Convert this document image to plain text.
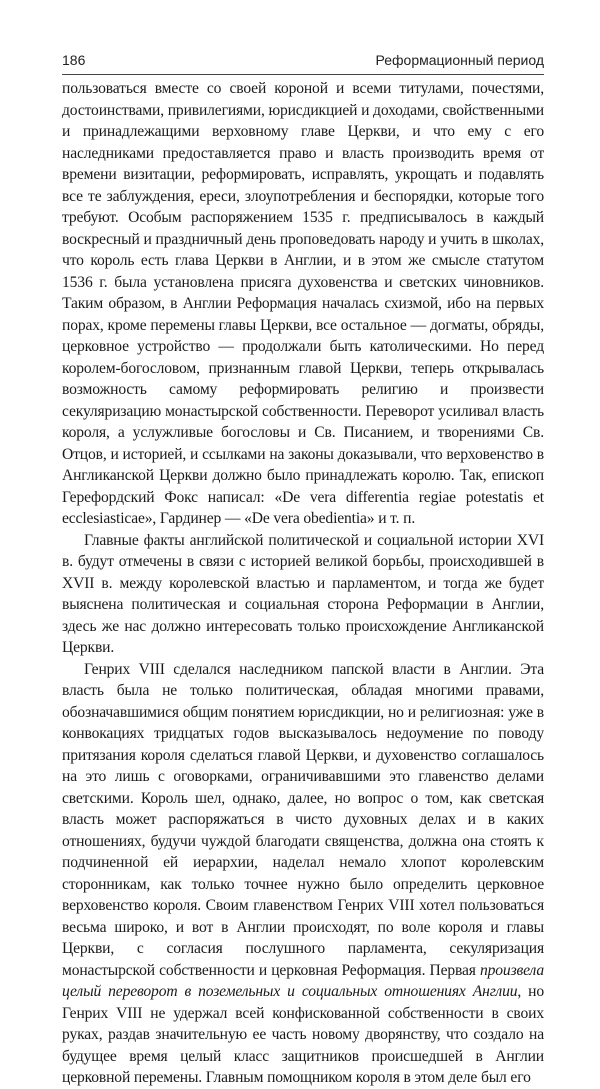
186	Реформационный период

пользоваться вместе со своей короной и всеми титулами, почестями, достоинствами, привилегиями, юрисдикцией и доходами, свойственными и принадлежащими верховному главе Церкви, и что ему с его наследниками предоставляется право и власть производить время от времени визитации, реформировать, исправлять, укрощать и подавлять все те заблуждения, ереси, злоупотребления и беспорядки, которые того требуют. Особым распоряжением 1535 г. предписывалось в каждый воскресный и праздничный день проповедовать народу и учить в школах, что король есть глава Церкви в Англии, и в этом же смысле статутом 1536 г. была установлена присяга духовенства и светских чиновников. Таким образом, в Англии Реформация началась схизмой, ибо на первых порах, кроме перемены главы Церкви, все остальное — догматы, обряды, церковное устройство — продолжали быть католическими. Но перед королем-богословом, признанным главой Церкви, теперь открывалась возможность самому реформировать религию и произвести секуляризацию монастырской собственности. Переворот усиливал власть короля, а услужливые богословы и Св. Писанием, и творениями Св. Отцов, и историей, и ссылками на законы доказывали, что верховенство в Англиканской Церкви должно было принадлежать королю. Так, епископ Герефордский Фокс написал: «De vera differentia regiae potestatis et ecclesiasticae», Гардинер — «De vera obedientia» и т. п.

Главные факты английской политической и социальной истории XVI в. будут отмечены в связи с историей великой борьбы, происходившей в XVII в. между королевской властью и парламентом, и тогда же будет выяснена политическая и социальная сторона Реформации в Англии, здесь же нас должно интересовать только происхождение Англиканской Церкви.

Генрих VIII сделался наследником папской власти в Англии. Эта власть была не только политическая, обладая многими правами, обозначавшимися общим понятием юрисдикции, но и религиозная: уже в конвокациях тридцатых годов высказывалось недоумение по поводу притязания короля сделаться главой Церкви, и духовенство соглашалось на это лишь с оговорками, ограничивавшими это главенство делами светскими. Король шел, однако, далее, но вопрос о том, как светская власть может распоряжаться в чисто духовных делах и в каких отношениях, будучи чуждой благодати священства, должна она стоять к подчиненной ей иерархии, наделал немало хлопот королевским сторонникам, как только точнее нужно было определить церковное верховенство короля. Своим главенством Генрих VIII хотел пользоваться весьма широко, и вот в Англии происходят, по воле короля и главы Церкви, с согласия послушного парламента, секуляризация монастырской собственности и церковная Реформация. Первая произвела целый переворот в поземельных и социальных отношениях Англии, но Генрих VIII не удержал всей конфискованной собственности в своих руках, раздав значительную ее часть новому дворянству, что создало на будущее время целый класс защитников происшедшей в Англии церковной перемены. Главным помощником короля в этом деле был его
